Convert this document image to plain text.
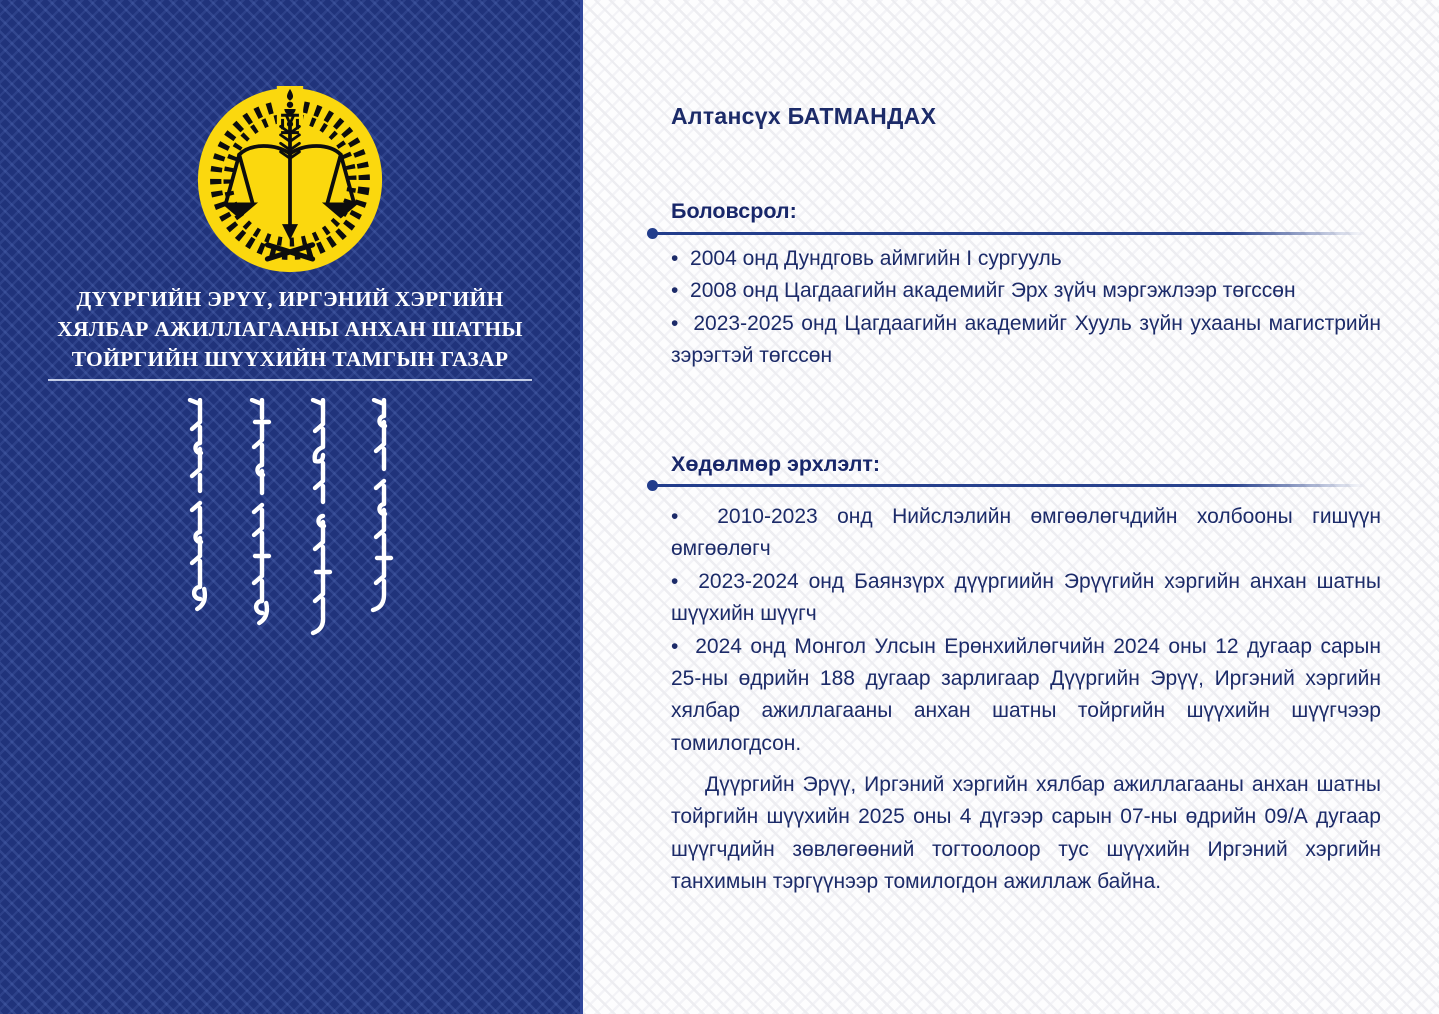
ДҮҮРГИЙН ЭРҮҮ, ИРГЭНИЙ ХЭРГИЙН
ХЯЛБАР АЖИЛЛАГААНЫ АНХАН ШАТНЫ
ТОЙРГИЙН ШҮҮХИЙН ТАМГЫН ГАЗАР
Алтансүх БАТМАНДАХ
Боловсрол:

•  2004 онд Дундговь аймгийн I сургууль

•  2008 онд Цагдаагийн академийг Эрх зүйч мэргэжлээр төгссөн

•  2023-2025 онд Цагдаагийн академийг Хууль зүйн ухааны магистрийн зэрэгтэй төгссөн

Хөдөлмөр эрхлэлт:

•  2010-2023 онд Нийслэлийн өмгөөлөгчдийн холбооны гишүүн өмгөөлөгч

•  2023-2024 онд Баянзүрх дүүргиийн Эрүүгийн хэргийн анхан шатны шүүхийн шүүгч

•  2024 онд Монгол Улсын Ерөнхийлөгчийн 2024 оны 12 дугаар сарын 25-ны өдрийн 188 дугаар зарлигаар Дүүргийн Эрүү, Иргэний хэргийн хялбар ажиллагааны анхан шатны тойргийн шүүхийн шүүгчээр томилогдсон.

Дүүргийн Эрүү, Иргэний хэргийн хялбар ажиллагааны анхан шатны тойргийн шүүхийн 2025 оны 4 дүгээр сарын 07-ны өдрийн 09/А дугаар шүүгчдийн зөвлөгөөний тогтоолоор тус шүүхийн Иргэний хэргийн танхимын тэргүүнээр томилогдон ажиллаж байна.
